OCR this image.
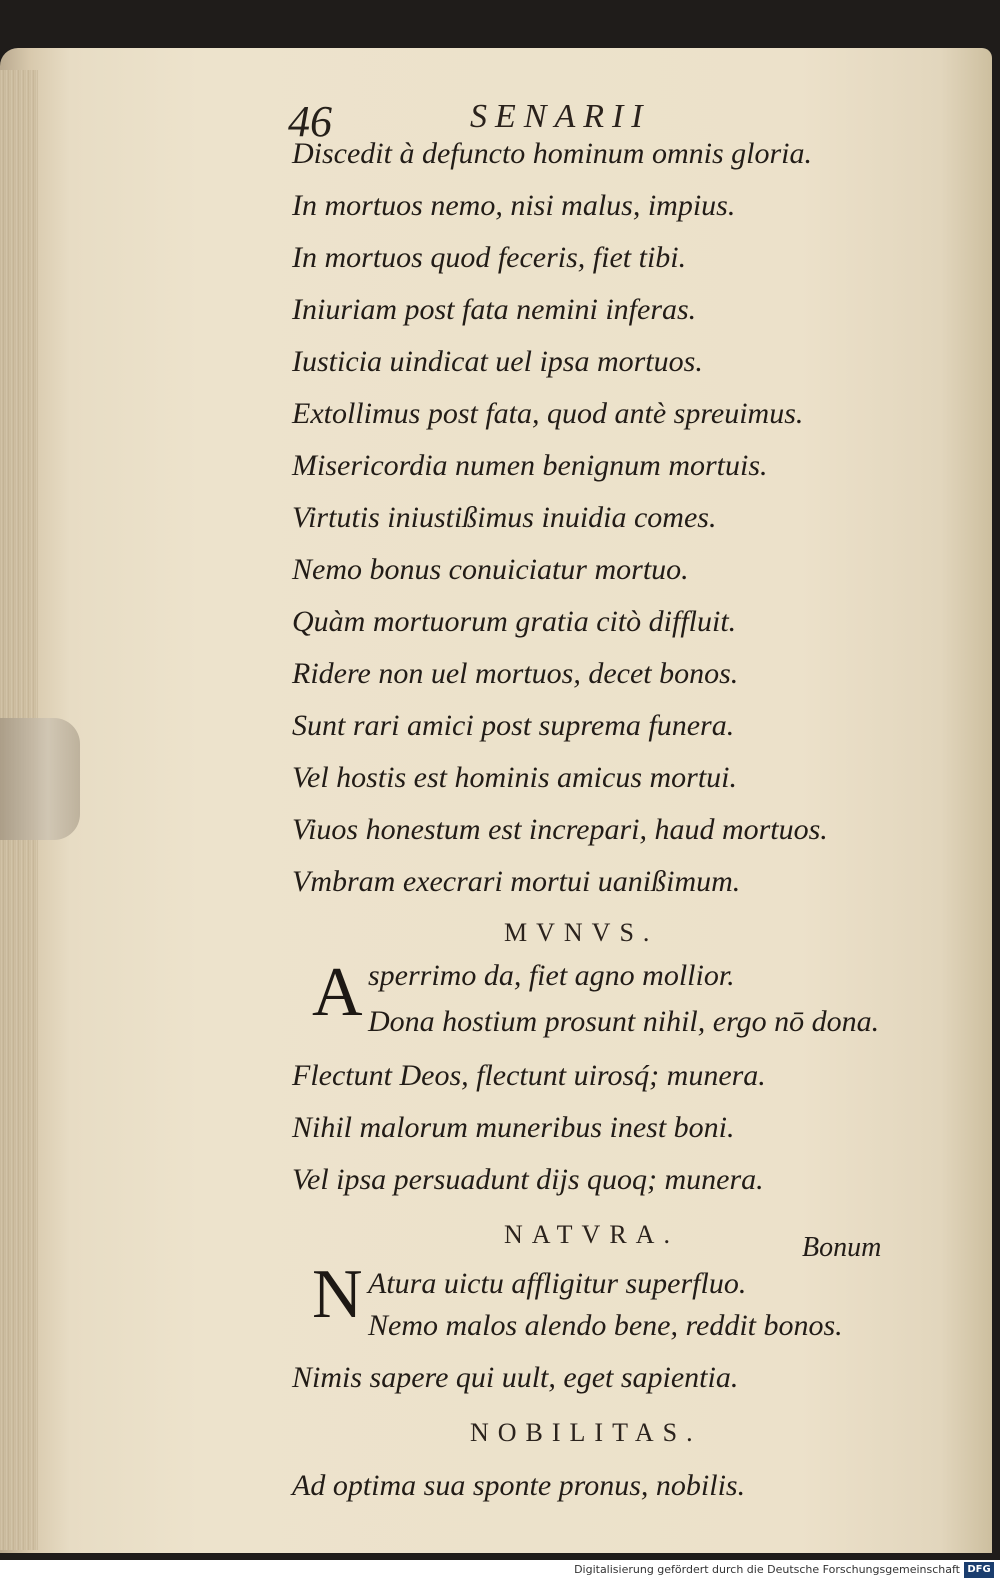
46	SENARII
Discedit à defuncto hominum omnis gloria.
In mortuos nemo, nisi malus, impius.
In mortuos quod feceris, fiet tibi.
Iniuriam post fata nemini inferas.
Iusticia uindicat uel ipsa mortuos.
Extollimus post fata, quod antè spreuimus.
Misericordia numen benignum mortuis.
Virtutis iniustißimus inuidia comes.
Nemo bonus conuiciatur mortuo.
Quàm mortuorum gratia citò diffluit.
Ridere non uel mortuos, decet bonos.
Sunt rari amici post suprema funera.
Vel hostis est hominis amicus mortui.
Viuos honestum est increpari, haud mortuos.
Vmbram execrari mortui uanißimum.
MVNVS.
A sperrimo da, fiet agno mollior.
Dona hostium prosunt nihil, ergo nō dona.
Flectunt Deos, flectunt uirosq́; munera.
Nihil malorum muneribus inest boni.
Vel ipsa persuadunt dijs quoq; munera.
NATVRA.
N Atura uictu affligitur superfluo.
Nemo malos alendo bene, reddit bonos.
Nimis sapere qui uult, eget sapientia.
NOBILITAS.
Ad optima sua sponte pronus, nobilis.
Bonum
Digitalisierung gefördert durch die Deutsche Forschungsgemeinschaft DFG
